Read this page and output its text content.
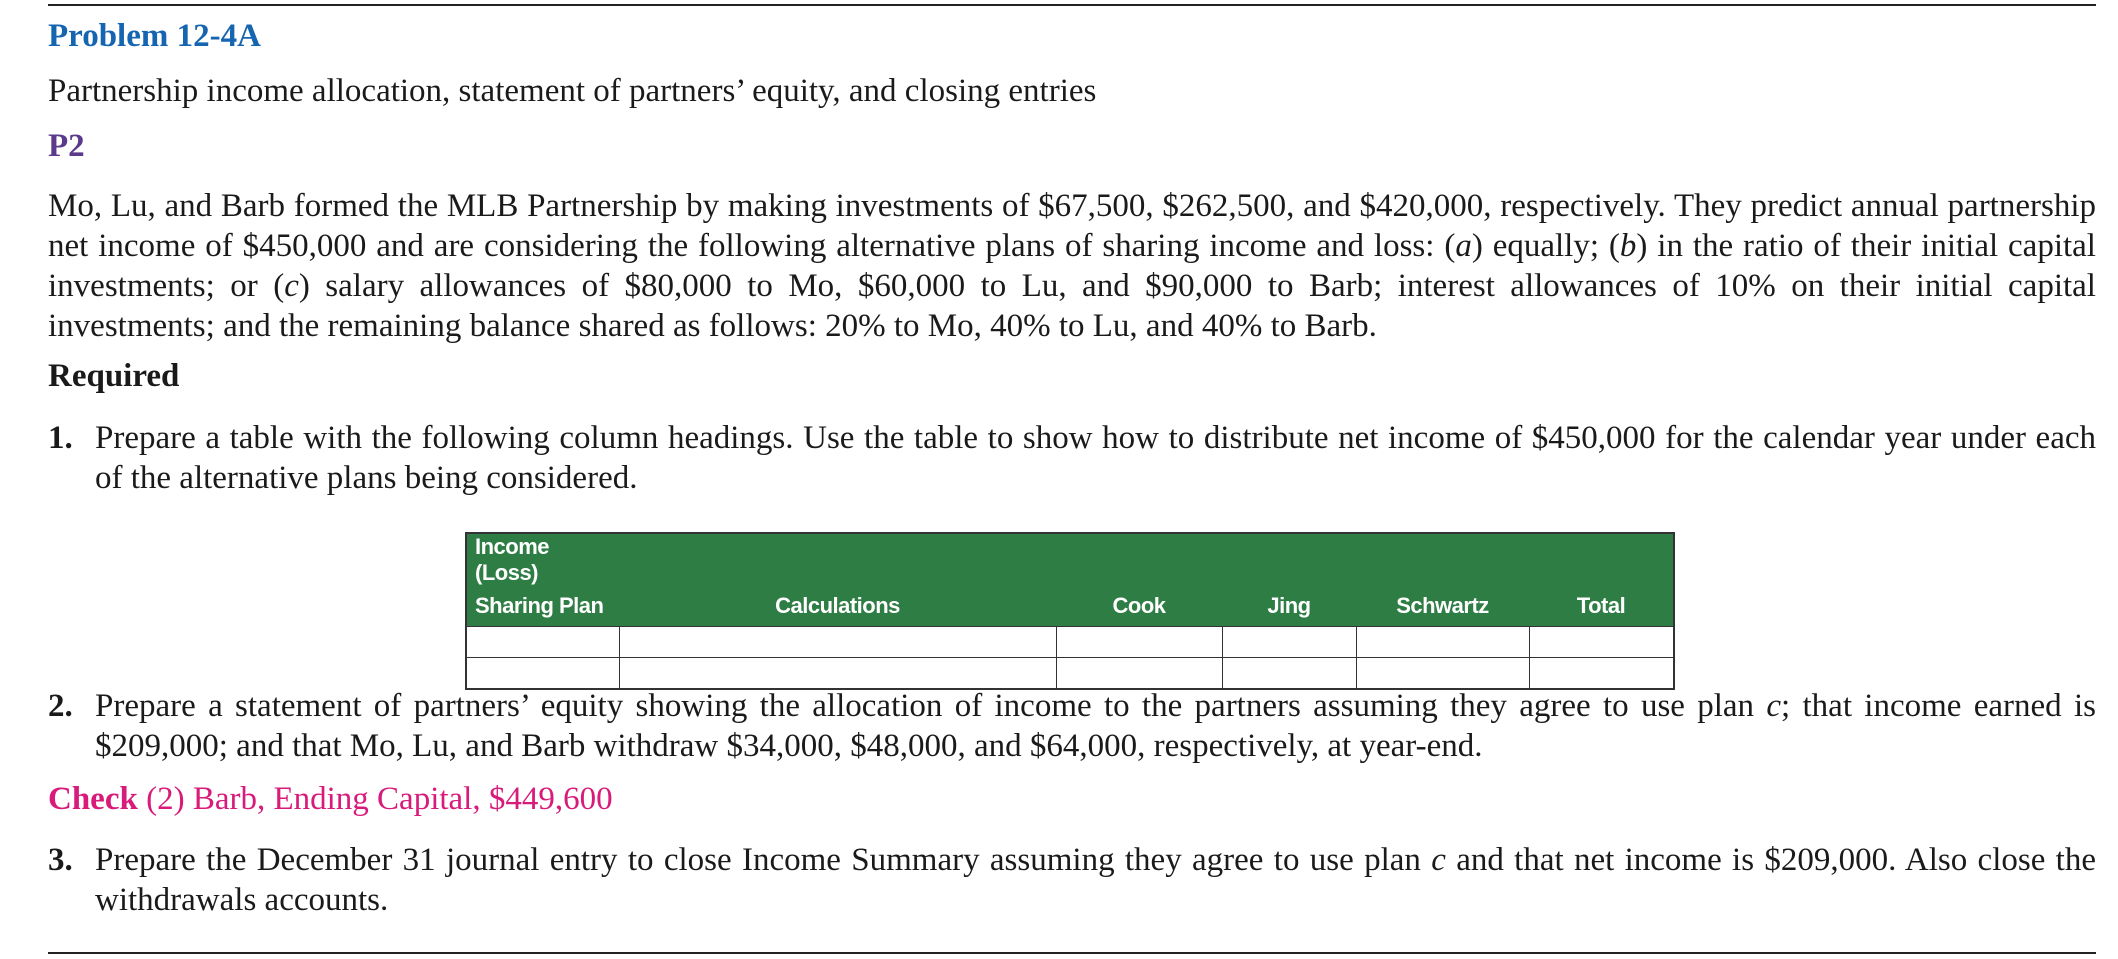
Problem 12-4A
Partnership income allocation, statement of partners’ equity, and closing entries
P2
Mo, Lu, and Barb formed the MLB Partnership by making investments of $67,500, $262,500, and $420,000, respectively. They predict annual partnership net income of $450,000 and are considering the following alternative plans of sharing income and loss: (a) equally; (b) in the ratio of their initial capital investments; or (c) salary allowances of $80,000 to Mo, $60,000 to Lu, and $90,000 to Barb; interest allowances of 10% on their initial capital investments; and the remaining balance shared as follows: 20% to Mo, 40% to Lu, and 40% to Barb.
Required
1. Prepare a table with the following column headings. Use the table to show how to distribute net income of $450,000 for the calendar year under each of the alternative plans being considered.
Income (Loss)					
Sharing Plan	Calculations	Cook	Jing	Schwartz	Total

2. Prepare a statement of partners’ equity showing the allocation of income to the partners assuming they agree to use plan c; that income earned is $209,000; and that Mo, Lu, and Barb withdraw $34,000, $48,000, and $64,000, respectively, at year-end.
Check (2) Barb, Ending Capital, $449,600
3. Prepare the December 31 journal entry to close Income Summary assuming they agree to use plan c and that net income is $209,000. Also close the withdrawals accounts.
